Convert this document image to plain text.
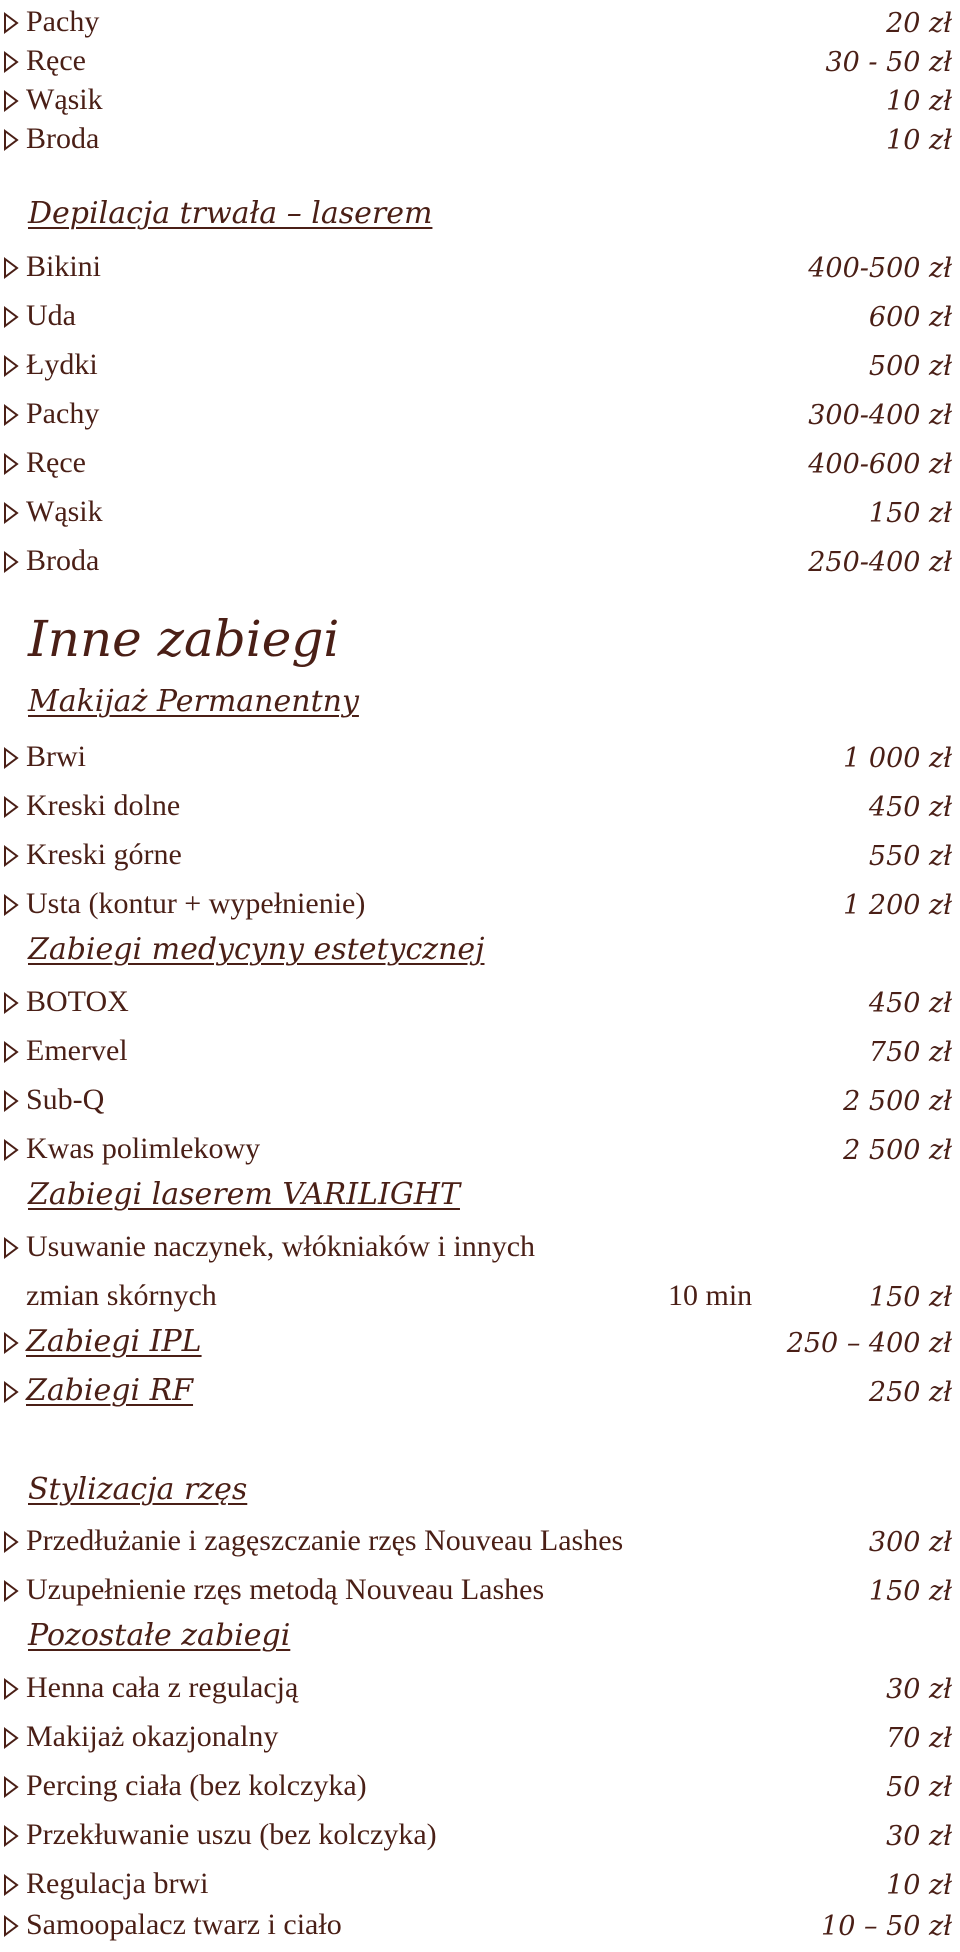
Pachy	20 zł
Ręce	30 - 50 zł
Wąsik	10 zł
Broda	10 zł
Depilacja trwała – laserem
Bikini	400-500 zł
Uda	600 zł
Łydki	500 zł
Pachy	300-400 zł
Ręce	400-600 zł
Wąsik	150 zł
Broda	250-400 zł
Inne zabiegi
Makijaż Permanentny
Brwi	1 000 zł
Kreski dolne	450 zł
Kreski górne	550 zł
Usta (kontur + wypełnienie)	1 200 zł
Zabiegi medycyny estetycznej
BOTOX	450 zł
Emervel	750 zł
Sub-Q	2 500 zł
Kwas polimlekowy	2 500 zł
Zabiegi laserem VARILIGHT
Usuwanie naczynek, włókniaków i innych
zmian skórnych	10 min	150 zł
Zabiegi IPL	250 – 400 zł
Zabiegi RF	250 zł
Stylizacja rzęs
Przedłużanie i zagęszczanie rzęs Nouveau Lashes	300 zł
Uzupełnienie rzęs metodą Nouveau Lashes	150 zł
Pozostałe zabiegi
Henna cała z regulacją	30 zł
Makijaż okazjonalny	70 zł
Percing ciała (bez kolczyka)	50 zł
Przekłuwanie uszu (bez kolczyka)	30 zł
Regulacja brwi	10 zł
Samoopalacz twarz i ciało	10 – 50 zł
